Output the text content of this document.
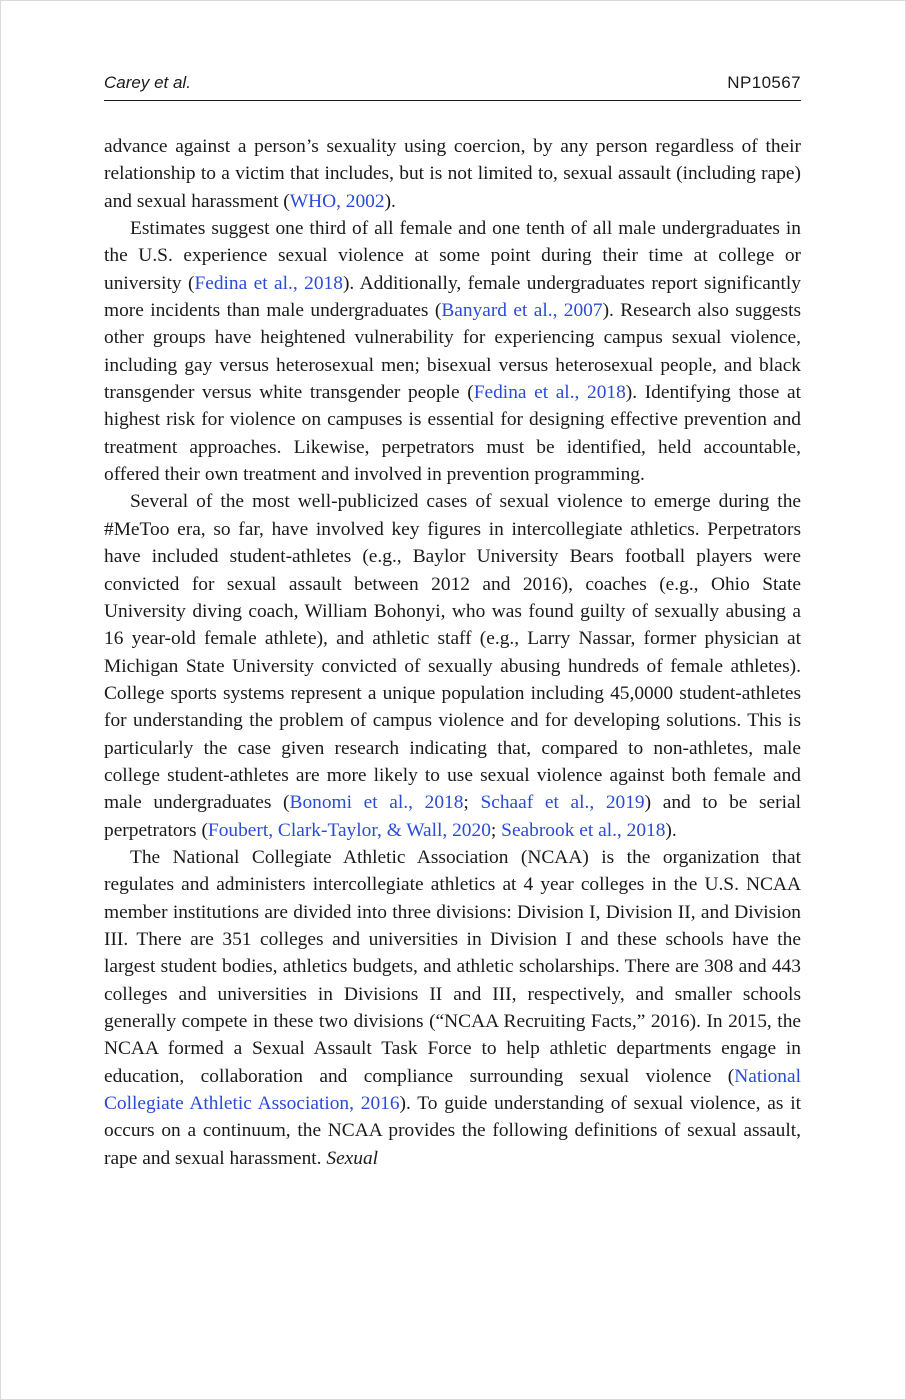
Carey et al.	NP10567

advance against a person’s sexuality using coercion, by any person regardless of their relationship to a victim that includes, but is not limited to, sexual assault (including rape) and sexual harassment (WHO, 2002).

Estimates suggest one third of all female and one tenth of all male undergraduates in the U.S. experience sexual violence at some point during their time at college or university (Fedina et al., 2018). Additionally, female undergraduates report significantly more incidents than male undergraduates (Banyard et al., 2007). Research also suggests other groups have heightened vulnerability for experiencing campus sexual violence, including gay versus heterosexual men; bisexual versus heterosexual people, and black transgender versus white transgender people (Fedina et al., 2018). Identifying those at highest risk for violence on campuses is essential for designing effective prevention and treatment approaches. Likewise, perpetrators must be identified, held accountable, offered their own treatment and involved in prevention programming.

Several of the most well-publicized cases of sexual violence to emerge during the #MeToo era, so far, have involved key figures in intercollegiate athletics. Perpetrators have included student-athletes (e.g., Baylor University Bears football players were convicted for sexual assault between 2012 and 2016), coaches (e.g., Ohio State University diving coach, William Bohonyi, who was found guilty of sexually abusing a 16 year-old female athlete), and athletic staff (e.g., Larry Nassar, former physician at Michigan State University convicted of sexually abusing hundreds of female athletes). College sports systems represent a unique population including 45,0000 student-athletes for understanding the problem of campus violence and for developing solutions. This is particularly the case given research indicating that, compared to non-athletes, male college student-athletes are more likely to use sexual violence against both female and male undergraduates (Bonomi et al., 2018; Schaaf et al., 2019) and to be serial perpetrators (Foubert, Clark-Taylor, & Wall, 2020; Seabrook et al., 2018).

The National Collegiate Athletic Association (NCAA) is the organization that regulates and administers intercollegiate athletics at 4 year colleges in the U.S. NCAA member institutions are divided into three divisions: Division I, Division II, and Division III. There are 351 colleges and universities in Division I and these schools have the largest student bodies, athletics budgets, and athletic scholarships. There are 308 and 443 colleges and universities in Divisions II and III, respectively, and smaller schools generally compete in these two divisions (“NCAA Recruiting Facts,” 2016). In 2015, the NCAA formed a Sexual Assault Task Force to help athletic departments engage in education, collaboration and compliance surrounding sexual violence (National Collegiate Athletic Association, 2016). To guide understanding of sexual violence, as it occurs on a continuum, the NCAA provides the following definitions of sexual assault, rape and sexual harassment. Sexual
